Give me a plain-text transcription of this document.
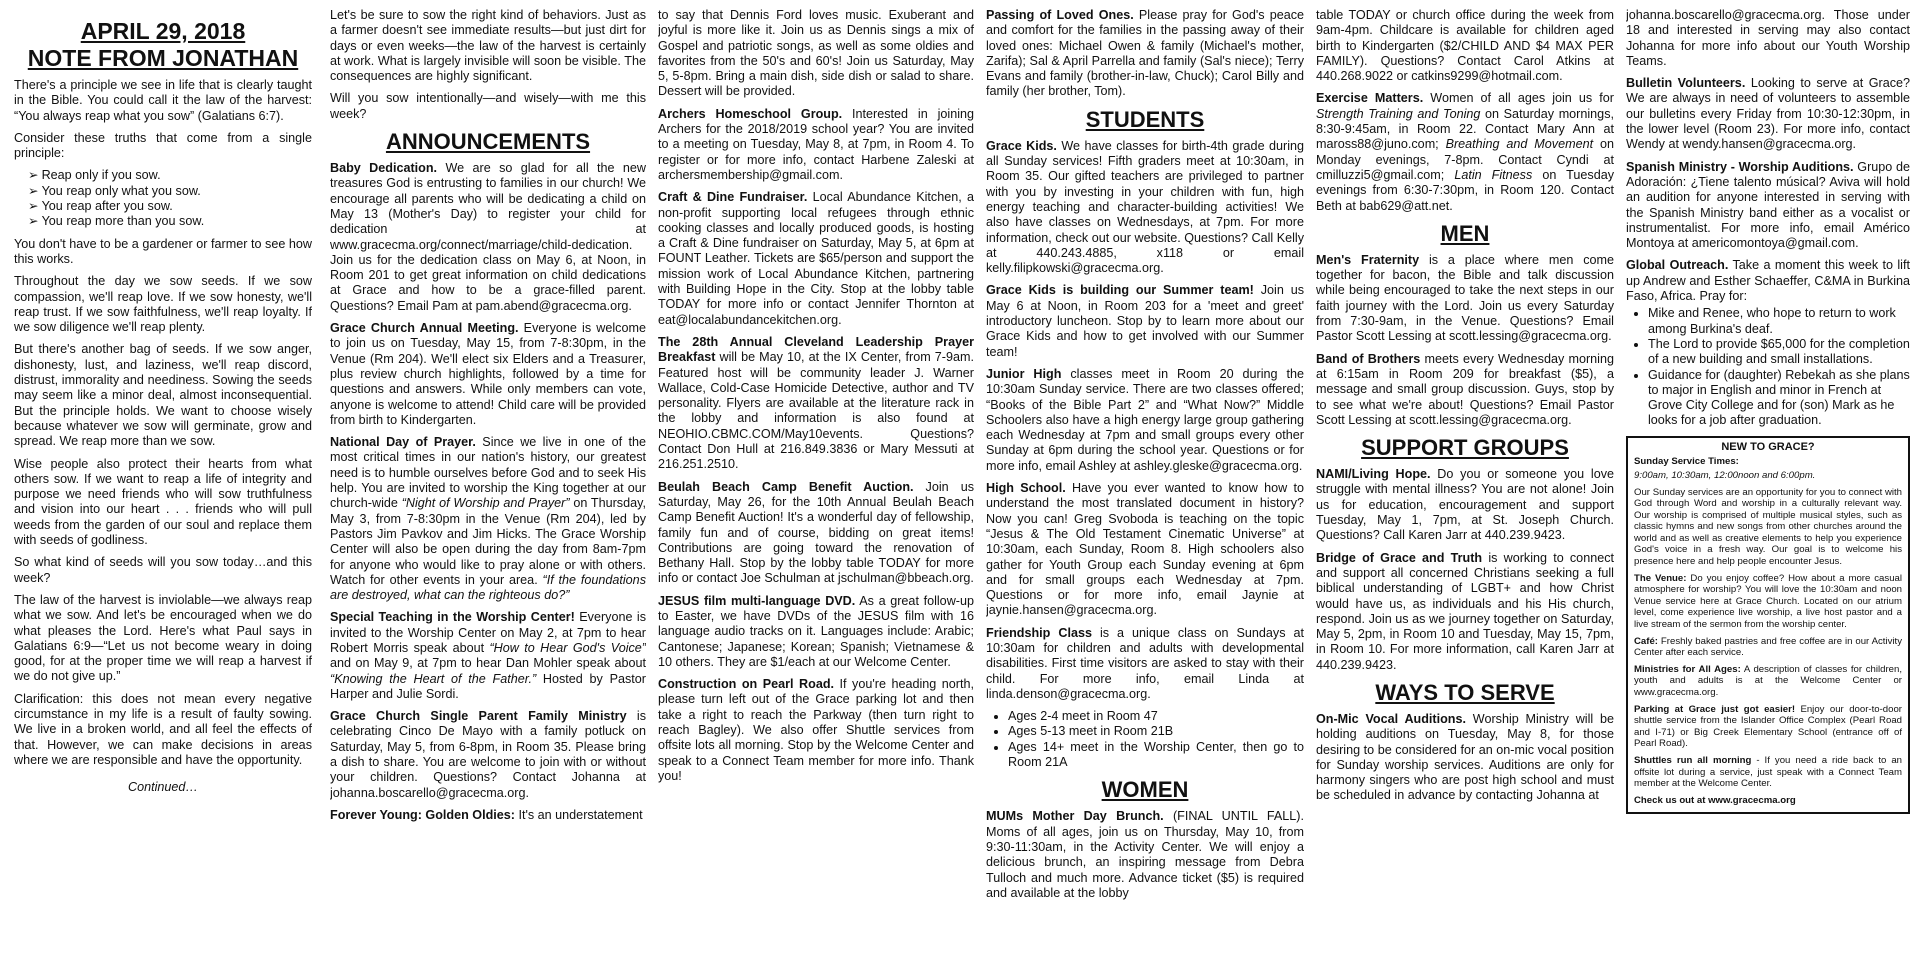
APRIL 29, 2018
NOTE FROM JONATHAN

There's a principle we see in life that is clearly taught in the Bible. You could call it the law of the harvest: “You always reap what you sow” (Galatians 6:7).

Consider these truths that come from a single principle:

➢ Reap only if you sow.
➢ You reap only what you sow.
➢ You reap after you sow.
➢ You reap more than you sow.

You don't have to be a gardener or farmer to see how this works.

Throughout the day we sow seeds. If we sow compassion, we'll reap love. If we sow honesty, we'll reap trust. If we sow faithfulness, we'll reap loyalty. If we sow diligence we'll reap plenty.

But there's another bag of seeds. If we sow anger, dishonesty, lust, and laziness, we'll reap discord, distrust, immorality and neediness. Sowing the seeds may seem like a minor deal, almost inconsequential. But the principle holds. We want to choose wisely because whatever we sow will germinate, grow and spread. We reap more than we sow.

Wise people also protect their hearts from what others sow. If we want to reap a life of integrity and purpose we need friends who will sow truthfulness and vision into our heart . . . friends who will pull weeds from the garden of our soul and replace them with seeds of godliness.

So what kind of seeds will you sow today…and this week?

The law of the harvest is inviolable—we always reap what we sow. And let's be encouraged when we do what pleases the Lord. Here's what Paul says in Galatians 6:9—“Let us not become weary in doing good, for at the proper time we will reap a harvest if we do not give up.”

Clarification: this does not mean every negative circumstance in my life is a result of faulty sowing. We live in a broken world, and all feel the effects of that. However, we can make decisions in areas where we are responsible and have the opportunity.

Continued…

Let's be sure to sow the right kind of behaviors. Just as a farmer doesn't see immediate results—but just dirt for days or even weeks—the law of the harvest is certainly at work. What is largely invisible will soon be visible. The consequences are highly significant.

Will you sow intentionally—and wisely—with me this week?

ANNOUNCEMENTS

Baby Dedication. We are so glad for all the new treasures God is entrusting to families in our church! We encourage all parents who will be dedicating a child on May 13 (Mother's Day) to register your child for dedication at www.gracecma.org/connect/marriage/child-dedication. Join us for the dedication class on May 6, at Noon, in Room 201 to get great information on child dedications at Grace and how to be a grace-filled parent. Questions? Email Pam at pam.abend@gracecma.org.

Grace Church Annual Meeting. Everyone is welcome to join us on Tuesday, May 15, from 7-8:30pm, in the Venue (Rm 204). We'll elect six Elders and a Treasurer, plus review church highlights, followed by a time for questions and answers. While only members can vote, anyone is welcome to attend! Child care will be provided from birth to Kindergarten.

National Day of Prayer. Since we live in one of the most critical times in our nation's history, our greatest need is to humble ourselves before God and to seek His help. You are invited to worship the King together at our church-wide “Night of Worship and Prayer” on Thursday, May 3, from 7-8:30pm in the Venue (Rm 204), led by Pastors Jim Pavkov and Jim Hicks. The Grace Worship Center will also be open during the day from 8am-7pm for anyone who would like to pray alone or with others. Watch for other events in your area. “If the foundations are destroyed, what can the righteous do?”

Special Teaching in the Worship Center! Everyone is invited to the Worship Center on May 2, at 7pm to hear Robert Morris speak about “How to Hear God's Voice” and on May 9, at 7pm to hear Dan Mohler speak about “Knowing the Heart of the Father.” Hosted by Pastor Harper and Julie Sordi.

Grace Church Single Parent Family Ministry is celebrating Cinco De Mayo with a family potluck on Saturday, May 5, from 6-8pm, in Room 35. Please bring a dish to share. You are welcome to join with or without your children. Questions? Contact Johanna at johanna.boscarello@gracecma.org.

Forever Young: Golden Oldies: It's an understatement

to say that Dennis Ford loves music. Exuberant and joyful is more like it. Join us as Dennis sings a mix of Gospel and patriotic songs, as well as some oldies and favorites from the 50's and 60's! Join us Saturday, May 5, 5-8pm. Bring a main dish, side dish or salad to share. Dessert will be provided.

Archers Homeschool Group. Interested in joining Archers for the 2018/2019 school year? You are invited to a meeting on Tuesday, May 8, at 7pm, in Room 4. To register or for more info, contact Harbene Zaleski at archersmembership@gmail.com.

Craft & Dine Fundraiser. Local Abundance Kitchen, a non-profit supporting local refugees through ethnic cooking classes and locally produced goods, is hosting a Craft & Dine fundraiser on Saturday, May 5, at 6pm at FOUNT Leather. Tickets are $65/person and support the mission work of Local Abundance Kitchen, partnering with Building Hope in the City. Stop at the lobby table TODAY for more info or contact Jennifer Thornton at eat@localabundancekitchen.org.

The 28th Annual Cleveland Leadership Prayer Breakfast will be May 10, at the IX Center, from 7-9am. Featured host will be community leader J. Warner Wallace, Cold-Case Homicide Detective, author and TV personality. Flyers are available at the literature rack in the lobby and information is also found at NEOHIO.CBMC.COM/May10events. Questions? Contact Don Hull at 216.849.3836 or Mary Messuti at 216.251.2510.

Beulah Beach Camp Benefit Auction. Join us Saturday, May 26, for the 10th Annual Beulah Beach Camp Benefit Auction! It's a wonderful day of fellowship, family fun and of course, bidding on great items! Contributions are going toward the renovation of Bethany Hall. Stop by the lobby table TODAY for more info or contact Joe Schulman at jschulman@bbeach.org.

JESUS film multi-language DVD. As a great follow-up to Easter, we have DVDs of the JESUS film with 16 language audio tracks on it. Languages include: Arabic; Cantonese; Japanese; Korean; Spanish; Vietnamese & 10 others. They are $1/each at our Welcome Center.

Construction on Pearl Road. If you're heading north, please turn left out of the Grace parking lot and then take a right to reach the Parkway (then turn right to reach Bagley). We also offer Shuttle services from offsite lots all morning. Stop by the Welcome Center and speak to a Connect Team member for more info. Thank you!

Passing of Loved Ones. Please pray for God's peace and comfort for the families in the passing away of their loved ones: Michael Owen & family (Michael's mother, Zarifa); Sal & April Parrella and family (Sal's niece); Terry Evans and family (brother-in-law, Chuck); Carol Billy and family (her brother, Tom).

STUDENTS

Grace Kids. We have classes for birth-4th grade during all Sunday services! Fifth graders meet at 10:30am, in Room 35. Our gifted teachers are privileged to partner with you by investing in your children with fun, high energy teaching and character-building activities! We also have classes on Wednesdays, at 7pm. For more information, check out our website. Questions? Call Kelly at 440.243.4885, x118 or email kelly.filipkowski@gracecma.org.

Grace Kids is building our Summer team! Join us May 6 at Noon, in Room 203 for a 'meet and greet' introductory luncheon. Stop by to learn more about our Grace Kids and how to get involved with our Summer team!

Junior High classes meet in Room 20 during the 10:30am Sunday service. There are two classes offered; “Books of the Bible Part 2” and “What Now?” Middle Schoolers also have a high energy large group gathering each Wednesday at 7pm and small groups every other Sunday at 6pm during the school year. Questions or for more info, email Ashley at ashley.gleske@gracecma.org.

High School. Have you ever wanted to know how to understand the most translated document in history? Now you can! Greg Svoboda is teaching on the topic “Jesus & The Old Testament Cinematic Universe” at 10:30am, each Sunday, Room 8. High schoolers also gather for Youth Group each Sunday evening at 6pm and for small groups each Wednesday at 7pm. Questions or for more info, email Jaynie at jaynie.hansen@gracecma.org.

Friendship Class is a unique class on Sundays at 10:30am for children and adults with developmental disabilities. First time visitors are asked to stay with their child. For more info, email Linda at linda.denson@gracecma.org.

• Ages 2-4 meet in Room 47
• Ages 5-13 meet in Room 21B
• Ages 14+ meet in the Worship Center, then go to Room 21A
WOMEN

MUMs Mother Day Brunch. (FINAL UNTIL FALL). Moms of all ages, join us on Thursday, May 10, from 9:30-11:30am, in the Activity Center. We will enjoy a delicious brunch, an inspiring message from Debra Tulloch and much more. Advance ticket ($5) is required and available at the lobby

table TODAY or church office during the week from 9am-4pm. Childcare is available for children aged birth to Kindergarten ($2/CHILD AND $4 MAX PER FAMILY). Questions? Contact Carol Atkins at 440.268.9022 or catkins9299@hotmail.com.

Exercise Matters. Women of all ages join us for Strength Training and Toning on Saturday mornings, 8:30-9:45am, in Room 22. Contact Mary Ann at maross88@juno.com; Breathing and Movement on Monday evenings, 7-8pm. Contact Cyndi at cmilluzzi5@gmail.com; Latin Fitness on Tuesday evenings from 6:30-7:30pm, in Room 120. Contact Beth at bab629@att.net.

MEN

Men's Fraternity is a place where men come together for bacon, the Bible and talk discussion while being encouraged to take the next steps in our faith journey with the Lord. Join us every Saturday from 7:30-9am, in the Venue. Questions? Email Pastor Scott Lessing at scott.lessing@gracecma.org.

Band of Brothers meets every Wednesday morning at 6:15am in Room 209 for breakfast ($5), a message and small group discussion. Guys, stop by to see what we're about! Questions? Email Pastor Scott Lessing at scott.lessing@gracecma.org.

SUPPORT GROUPS

NAMI/Living Hope. Do you or someone you love struggle with mental illness? You are not alone! Join us for education, encouragement and support Tuesday, May 1, 7pm, at St. Joseph Church. Questions? Call Karen Jarr at 440.239.9423.

Bridge of Grace and Truth is working to connect and support all concerned Christians seeking a full biblical understanding of LGBT+ and how Christ would have us, as individuals and his His church, respond. Join us as we journey together on Saturday, May 5, 2pm, in Room 10 and Tuesday, May 15, 7pm, in Room 10. For more information, call Karen Jarr at 440.239.9423.

WAYS TO SERVE

On-Mic Vocal Auditions. Worship Ministry will be holding auditions on Tuesday, May 8, for those desiring to be considered for an on-mic vocal position for Sunday worship services. Auditions are only for harmony singers who are post high school and must be scheduled in advance by contacting Johanna at

johanna.boscarello@gracecma.org. Those under 18 and interested in serving may also contact Johanna for more info about our Youth Worship Teams.

Bulletin Volunteers. Looking to serve at Grace? We are always in need of volunteers to assemble our bulletins every Friday from 10:30-12:30pm, in the lower level (Room 23). For more info, contact Wendy at wendy.hansen@gracecma.org.

Spanish Ministry - Worship Auditions. Grupo de Adoración: ¿Tiene talento músical? Aviva will hold an audition for anyone interested in serving with the Spanish Ministry band either as a vocalist or instrumentalist. For more info, email Américo Montoya at americomontoya@gmail.com.

Global Outreach. Take a moment this week to lift up Andrew and Esther Schaeffer, C&MA in Burkina Faso, Africa. Pray for:

• Mike and Renee, who hope to return to work among Burkina's deaf.
• The Lord to provide $65,000 for the completion of a new building and small installations.
• Guidance for (daughter) Rebekah as she plans to major in English and minor in French at Grove City College and for (son) Mark as he looks for a job after graduation.
NEW TO GRACE?

Sunday Service Times:

9:00am, 10:30am, 12:00noon and 6:00pm.

Our Sunday services are an opportunity for you to connect with God through Word and worship in a culturally relevant way. Our worship is comprised of multiple musical styles, such as classic hymns and new songs from other churches around the world and as well as creative elements to help you experience God's voice in a fresh way. Our goal is to welcome his presence here and help people encounter Jesus.

The Venue: Do you enjoy coffee? How about a more casual atmosphere for worship? You will love the 10:30am and noon Venue service here at Grace Church. Located on our atrium level, come experience live worship, a live host pastor and a live stream of the sermon from the worship center.

Café: Freshly baked pastries and free coffee are in our Activity Center after each service.

Ministries for All Ages: A description of classes for children, youth and adults is at the Welcome Center or www.gracecma.org.

Parking at Grace just got easier! Enjoy our door-to-door shuttle service from the Islander Office Complex (Pearl Road and I-71) or Big Creek Elementary School (entrance off of Pearl Road).

Shuttles run all morning - If you need a ride back to an offsite lot during a service, just speak with a Connect Team member at the Welcome Center.

Check us out at www.gracecma.org
